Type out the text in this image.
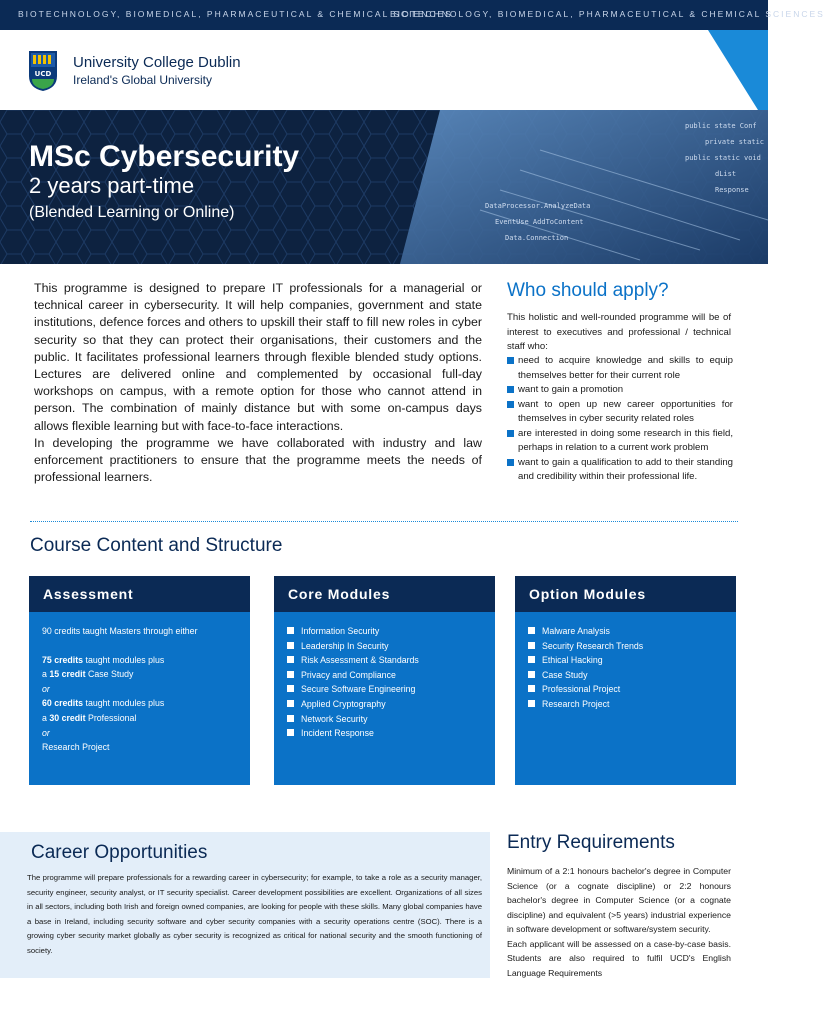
BIOTECHNOLOGY, BIOMEDICAL, PHARMACEUTICAL & CHEMICAL SCIENCES
BIOTECHNOLOGY, BIOMEDICAL, PHARMACEUTICAL & CHEMICAL SCIENCES
UCD
University College Dublin
Ireland's Global University
public state Conf
private static
public static void
dList Response
DataProcessor.AnalyzeData
EventUse AddToContent
Data.Connection
MSc Cybersecurity
2 years part-time
(Blended Learning or Online)

This programme is designed to prepare IT professionals for a managerial or technical career in cybersecurity. It will help companies, government and state institutions, defence forces and others to upskill their staff to fill new roles in cyber security so that they can protect their organisations, their customers and the public. It facilitates professional learners through flexible blended study options. Lectures are delivered online and complemented by occasional full-day workshops on campus, with a remote option for those who cannot attend in person. The combination of mainly distance but with some on-campus days allows flexible learning but with face-to-face interactions.

In developing the programme we have collaborated with industry and law enforcement practitioners to ensure that the programme meets the needs of professional learners.

Who should apply?
This holistic and well-rounded programme will be of interest to executives and professional / technical staff who:
need to acquire knowledge and skills to equip themselves better for their current role
want to gain a promotion
want to open up new career opportunities for themselves in cyber security related roles
are interested in doing some research in this field, perhaps in relation to a current work problem
want to gain a qualification to add to their standing and credibility within their professional life.
Course Content and Structure
Assessment
90 credits taught Masters through either
75 credits taught modules plus
a 15 credit Case Study
or
60 credits taught modules plus
a 30 credit Professional
or
Research Project
Core Modules
Information Security
Leadership In Security
Risk Assessment & Standards
Privacy and Compliance
Secure Software Engineering
Applied Cryptography
Network Security
Incident Response
Option Modules
Malware Analysis
Security Research Trends
Ethical Hacking
Case Study
Professional Project
Research Project
Career Opportunities
The programme will prepare professionals for a rewarding career in cybersecurity; for example, to take a role as a security manager, security engineer, security analyst, or IT security specialist. Career development possibilities are excellent. Organizations of all sizes in all sectors, including both Irish and foreign owned companies, are looking for people with these skills. Many global companies have a base in Ireland, including security software and cyber security companies with a security operations centre (SOC). There is a growing cyber security market globally as cyber security is recognized as critical for national security and the smooth functioning of society.
Entry Requirements

Minimum of a 2:1 honours bachelor's degree in Computer Science (or a cognate discipline) or 2:2 honours bachelor's degree in Computer Science (or a cognate discipline) and equivalent (>5 years) industrial experience in software development or software/system security.

Each applicant will be assessed on a case-by-case basis. Students are also required to fulfil UCD's English Language Requirements
